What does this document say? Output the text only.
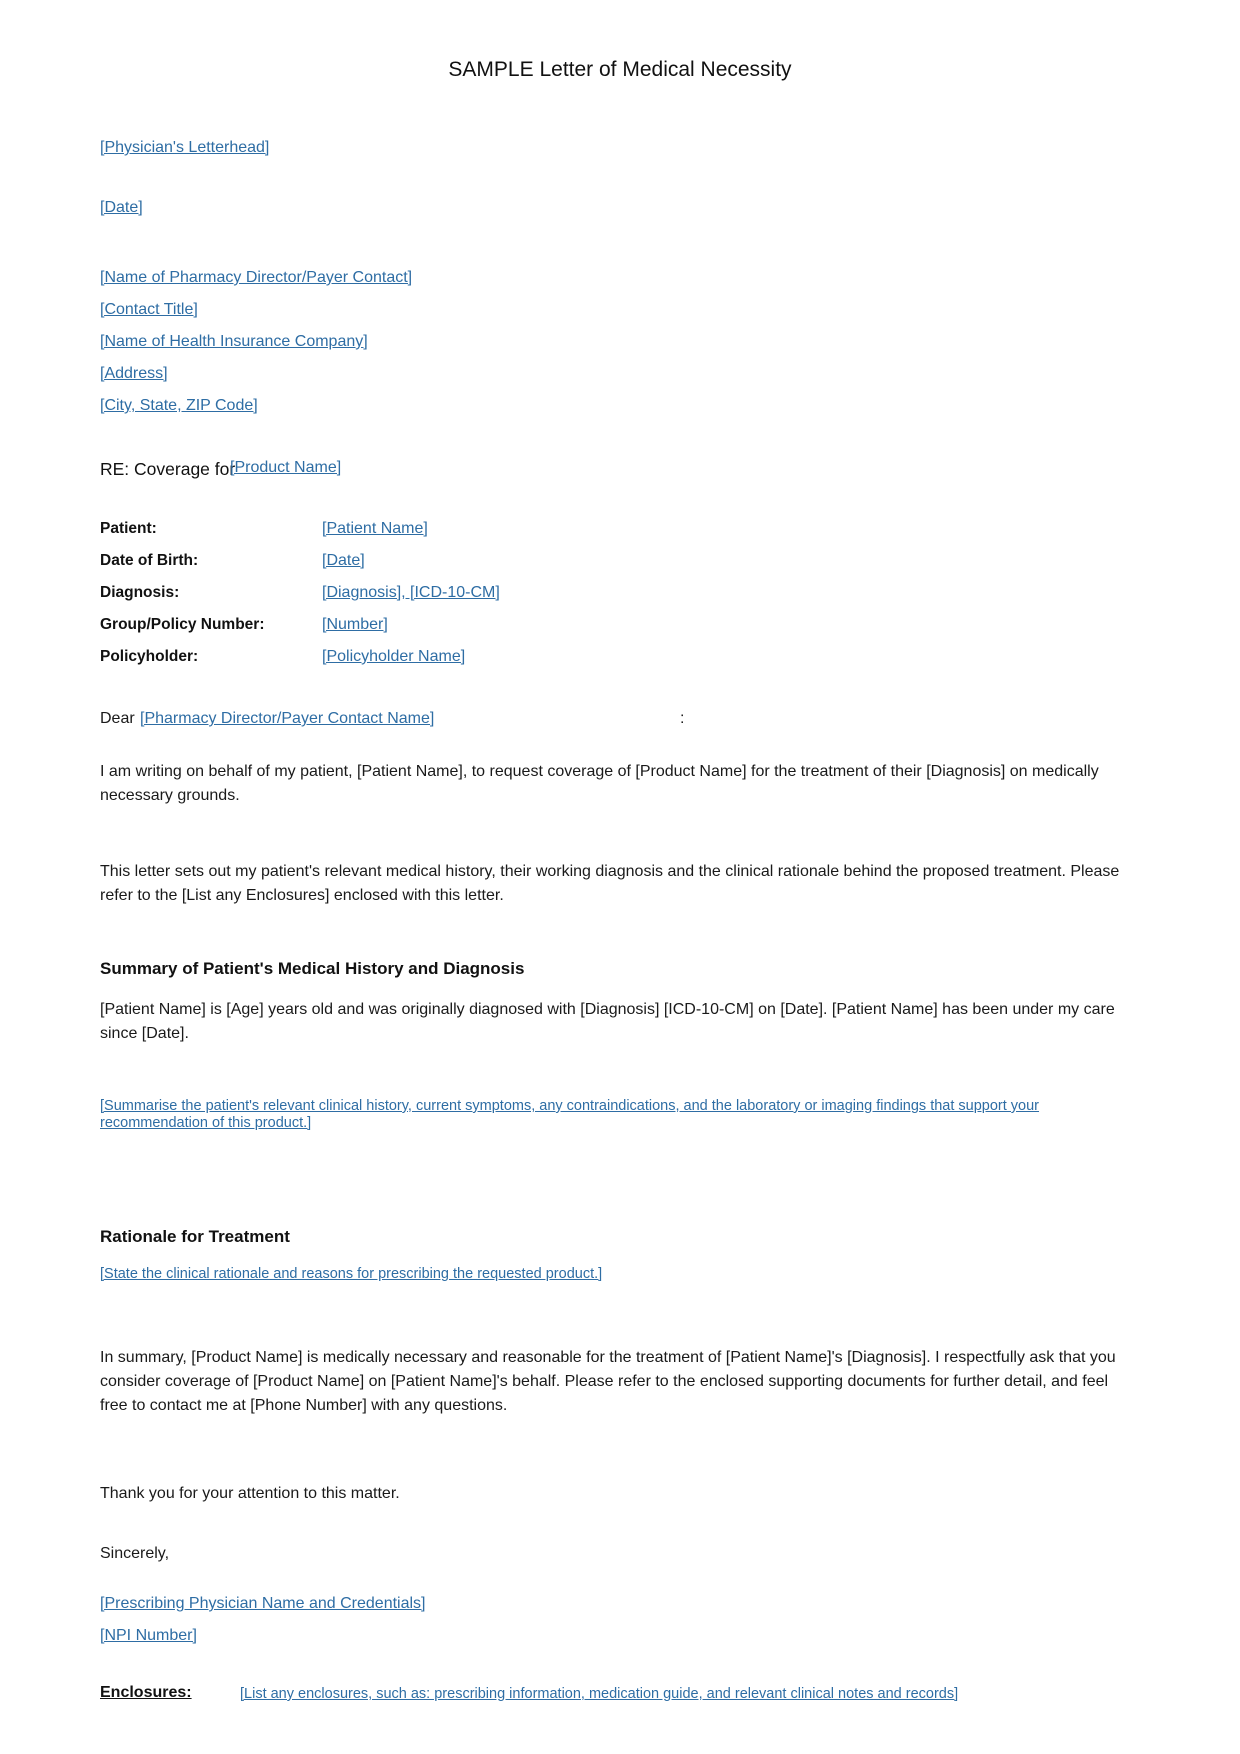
SAMPLE Letter of Medical Necessity
[Physician's Letterhead]
[Date]
[Name of Pharmacy Director/Payer Contact]
[Contact Title]
[Name of Health Insurance Company]
[Address]
[City, State, ZIP Code]
RE: Coverage for
[Product Name]
Patient:	[Patient Name]
Date of Birth:	[Date]
Diagnosis:	[Diagnosis], [ICD-10-CM]
Group/Policy Number:	[Number]
Policyholder:	[Policyholder Name]
Dear [Pharmacy Director/Payer Contact Name]	:
I am writing on behalf of my patient, [Patient Name], to request coverage of [Product Name] for the treatment of their [Diagnosis] on medically necessary grounds.
This letter sets out my patient's relevant medical history, their working diagnosis and the clinical rationale behind the proposed treatment. Please refer to the [List any Enclosures] enclosed with this letter.
Summary of Patient's Medical History and Diagnosis
[Patient Name] is [Age] years old and was originally diagnosed with [Diagnosis] [ICD-10-CM] on [Date]. [Patient Name] has been under my care since [Date].
[Summarise the patient's relevant clinical history, current symptoms, any contraindications, and the laboratory or imaging findings that support your recommendation of this product.]
Rationale for Treatment
[State the clinical rationale and reasons for prescribing the requested product.]
In summary, [Product Name] is medically necessary and reasonable for the treatment of [Patient Name]'s [Diagnosis]. I respectfully ask that you consider coverage of [Product Name] on [Patient Name]'s behalf. Please refer to the enclosed supporting documents for further detail, and feel free to contact me at [Phone Number] with any questions.
Thank you for your attention to this matter.
Sincerely,
[Prescribing Physician Name and Credentials]
[NPI Number]
Enclosures:	[List any enclosures, such as: prescribing information, medication guide, and relevant clinical notes and records]
